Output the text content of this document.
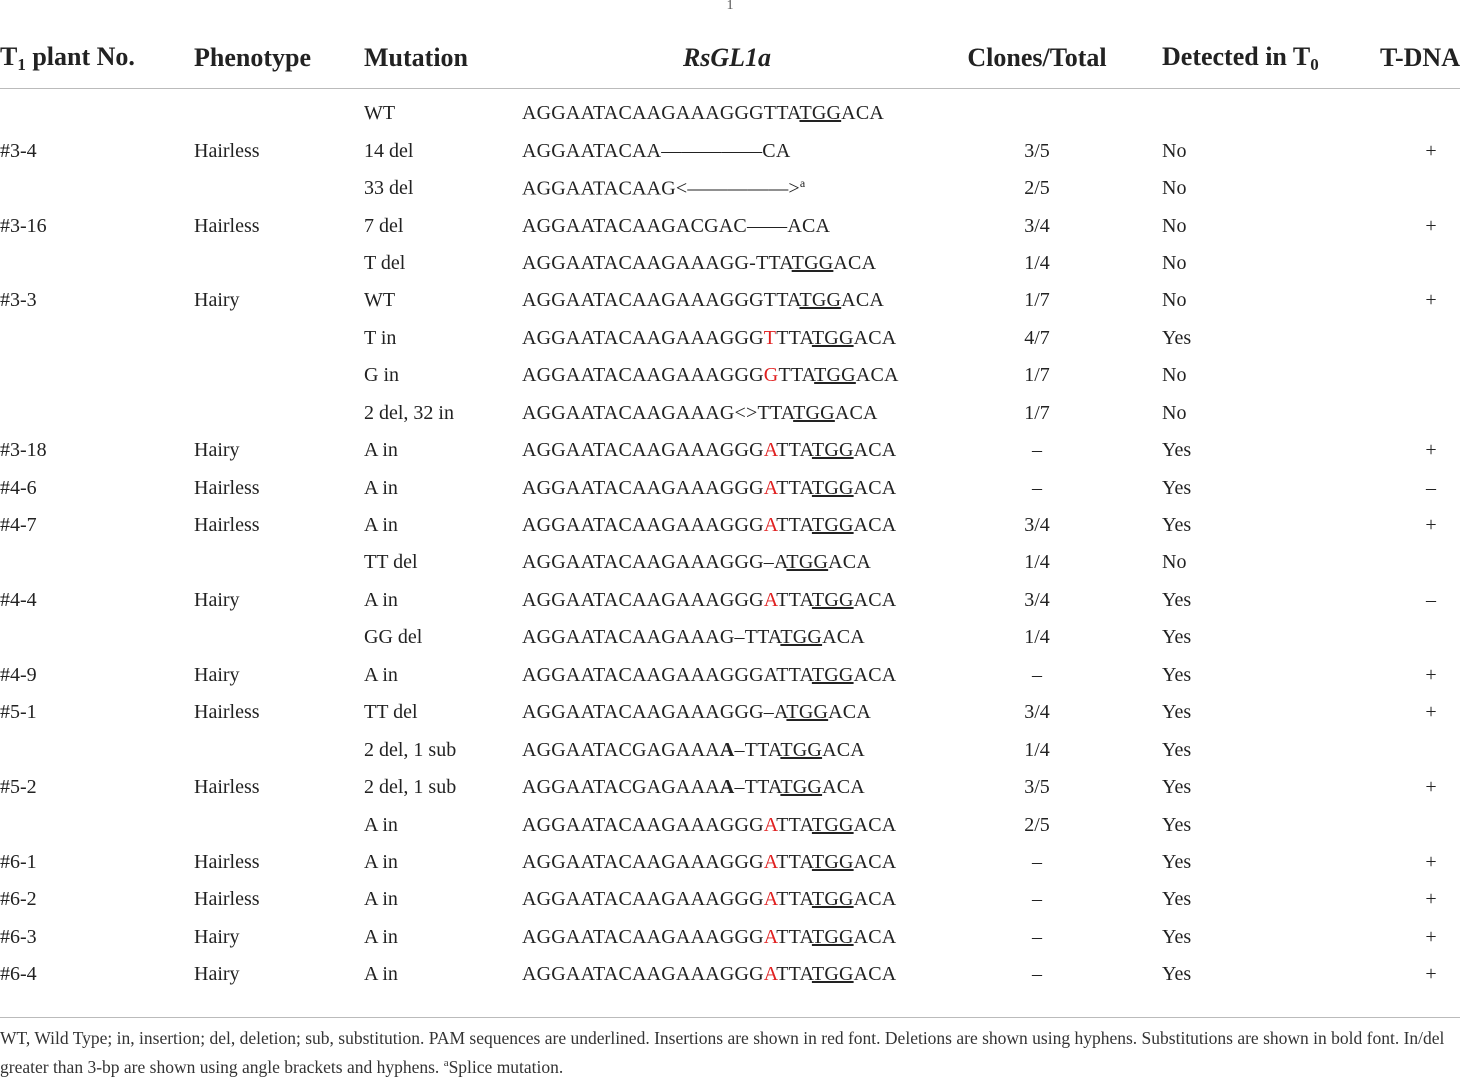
1
$T_1$ plant No.	Phenotype	Mutation	RsGL1a	Clones/Total	Detected in $T_0$	T-DNA
		WT	AGGAATACAAGAAAGGGTTATGGACA			
#3-4	Hairless	14 del	AGGAATACAA—————CA	3/5	No	+
		33 del	AGGAATACAAG<—————>$^a$	2/5	No	
#3-16	Hairless	7 del	AGGAATACAAGACGAC——ACA	3/4	No	+
		T del	AGGAATACAAGAAAGG-TTATGGACA	1/4	No	
#3-3	Hairy	WT	AGGAATACAAGAAAGGGTTATGGACA	1/7	No	+
		T in	AGGAATACAAGAAAGGGTTTATGGACA	4/7	Yes	
		G in	AGGAATACAAGAAAGGGGTTATGGACA	1/7	No	
		2 del, 32 in	AGGAATACAAGAAAG<>TTATGGACA	1/7	No	
#3-18	Hairy	A in	AGGAATACAAGAAAGGGATTATGGACA	–	Yes	+
#4-6	Hairless	A in	AGGAATACAAGAAAGGGATTATGGACA	–	Yes	–
#4-7	Hairless	A in	AGGAATACAAGAAAGGGATTATGGACA	3/4	Yes	+
		TT del	AGGAATACAAGAAAGGG–ATGGACA	1/4	No	
#4-4	Hairy	A in	AGGAATACAAGAAAGGGATTATGGACA	3/4	Yes	–
		GG del	AGGAATACAAGAAAG–TTATGGACA	1/4	Yes	
#4-9	Hairy	A in	AGGAATACAAGAAAGGGATTATGGACA	–	Yes	+
#5-1	Hairless	TT del	AGGAATACAAGAAAGGG–ATGGACA	3/4	Yes	+
		2 del, 1 sub	AGGAATACGAGAAAA–TTATGGACA	1/4	Yes	
#5-2	Hairless	2 del, 1 sub	AGGAATACGAGAAAA–TTATGGACA	3/5	Yes	+
		A in	AGGAATACAAGAAAGGGATTATGGACA	2/5	Yes	
#6-1	Hairless	A in	AGGAATACAAGAAAGGGATTATGGACA	–	Yes	+
#6-2	Hairless	A in	AGGAATACAAGAAAGGGATTATGGACA	–	Yes	+
#6-3	Hairy	A in	AGGAATACAAGAAAGGGATTATGGACA	–	Yes	+
#6-4	Hairy	A in	AGGAATACAAGAAAGGGATTATGGACA	–	Yes	+
WT, Wild Type; in, insertion; del, deletion; sub, substitution. PAM sequences are underlined. Insertions are shown in red font. Deletions are shown using hyphens. Substitutions are shown in bold font. In/del greater than 3-bp are shown using angle brackets and hyphens. $^a$Splice mutation.
